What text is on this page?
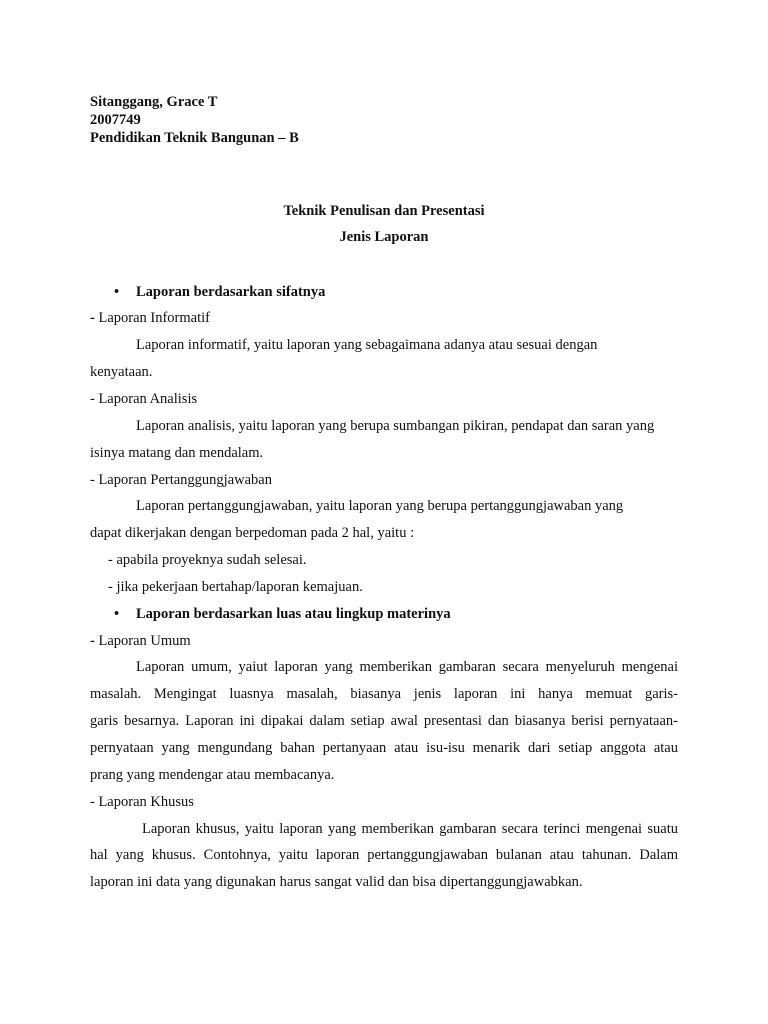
Sitanggang, Grace T
2007749
Pendidikan Teknik Bangunan – B
Teknik Penulisan dan Presentasi
Jenis Laporan
• Laporan berdasarkan sifatnya
- Laporan Informatif
Laporan informatif, yaitu laporan yang sebagaimana adanya atau sesuai dengan
kenyataan.
- Laporan Analisis
Laporan analisis, yaitu laporan yang berupa sumbangan pikiran, pendapat dan saran yang
isinya matang dan mendalam.
- Laporan Pertanggungjawaban
Laporan pertanggungjawaban, yaitu laporan yang berupa pertanggungjawaban yang
dapat dikerjakan dengan berpedoman pada 2 hal, yaitu :
- apabila proyeknya sudah selesai.
- jika pekerjaan bertahap/laporan kemajuan.
• Laporan berdasarkan luas atau lingkup materinya
- Laporan Umum
Laporan umum, yaiut laporan yang memberikan gambaran secara menyeluruh mengenai
masalah. Mengingat luasnya masalah, biasanya jenis laporan ini hanya memuat garis-
garis besarnya. Laporan ini dipakai dalam setiap awal presentasi dan biasanya berisi pernyataan-
pernyataan yang mengundang bahan pertanyaan atau isu-isu menarik dari setiap anggota atau
prang yang mendengar atau membacanya.
- Laporan Khusus
Laporan khusus, yaitu laporan yang memberikan gambaran secara terinci mengenai suatu
hal yang khusus. Contohnya, yaitu laporan pertanggungjawaban bulanan atau tahunan. Dalam
laporan ini data yang digunakan harus sangat valid dan bisa dipertanggungjawabkan.
